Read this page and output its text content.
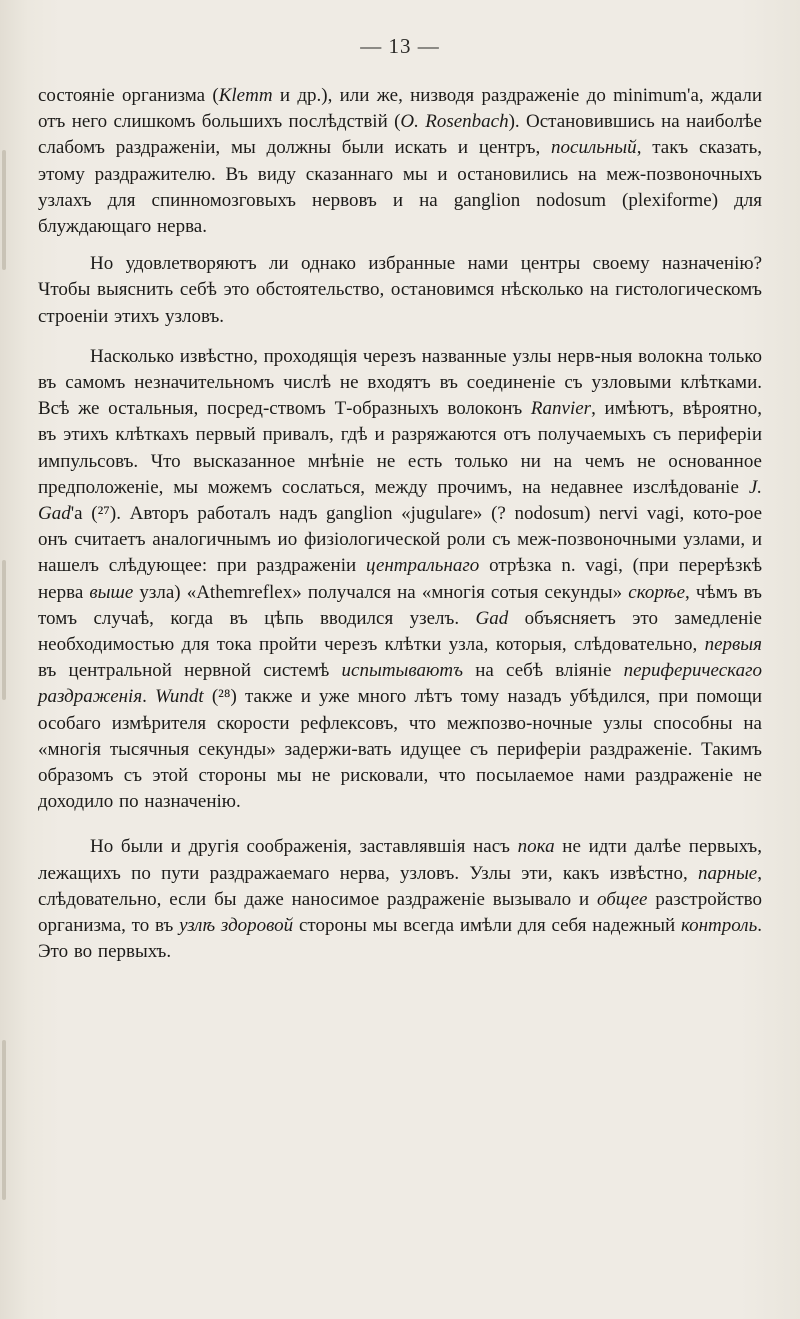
— 13 —

состояніе организма (Klemm и др.), или же, низводя раздраженіе до minimum'а, ждали отъ него слишкомъ большихъ послѣдствій (O. Rosenbach). Остановившись на наиболѣе слабомъ раздраженіи, мы должны были искать и центръ, посильный, такъ сказать, этому раздражителю. Въ виду сказаннаго мы и остановились на меж-позвоночныхъ узлахъ для спинномозговыхъ нервовъ и на ganglion nodosum (plexiforme) для блуждающаго нерва.

Но удовлетворяютъ ли однако избранные нами центры своему назначенію? Чтобы выяснить себѣ это обстоятельство, остановимся нѣсколько на гистологическомъ строеніи этихъ узловъ.

Насколько извѣстно, проходящія черезъ названные узлы нерв-ныя волокна только въ самомъ незначительномъ числѣ не входятъ въ соединеніе съ узловыми клѣтками. Всѣ же остальныя, посред-ствомъ Т-образныхъ волоконъ Ranvier, имѣютъ, вѣроятно, въ этихъ клѣткахъ первый привалъ, гдѣ и разряжаются отъ получаемыхъ съ периферіи импульсовъ. Что высказанное мнѣніе не есть только ни на чемъ не основанное предположеніе, мы можемъ сослаться, между прочимъ, на недавнее изслѣдованіе J. Gad'а (²⁷). Авторъ работалъ надъ ganglion «jugulare» (? nodosum) nervi vagi, кото-рое онъ считаетъ аналогичнымъ ио физіологической роли съ меж-позвоночными узлами, и нашелъ слѣдующее: при раздраженіи центральнаго отрѣзка n. vagi, (при перерѣзкѣ нерва выше узла) «Athemreflex» получался на «многія сотыя секунды» скорѣе, чѣмъ въ томъ случаѣ, когда въ цѣпь вводился узелъ. Gad объясняетъ это замедленіе необходимостью для тока пройти черезъ клѣтки узла, которыя, слѣдовательно, первыя въ центральной нервной системѣ испытываютъ на себѣ вліяніе периферическаго раздраженія. Wundt (²⁸) также и уже много лѣтъ тому назадъ убѣдился, при помощи особаго измѣрителя скорости рефлексовъ, что межпозво-ночные узлы способны на «многія тысячныя секунды» задержи-вать идущее съ периферіи раздраженіе. Такимъ образомъ съ этой стороны мы не рисковали, что посылаемое нами раздраженіе не доходило по назначенію.

Но были и другія соображенія, заставлявшія насъ пока не идти далѣе первыхъ, лежащихъ по пути раздражаемаго нерва, узловъ. Узлы эти, какъ извѣстно, парные, слѣдовательно, если бы даже наносимое раздраженіе вызывало и общее разстройство организма, то въ узлѣ здоровой стороны мы всегда имѣли для себя надежный контроль. Это во первыхъ.
